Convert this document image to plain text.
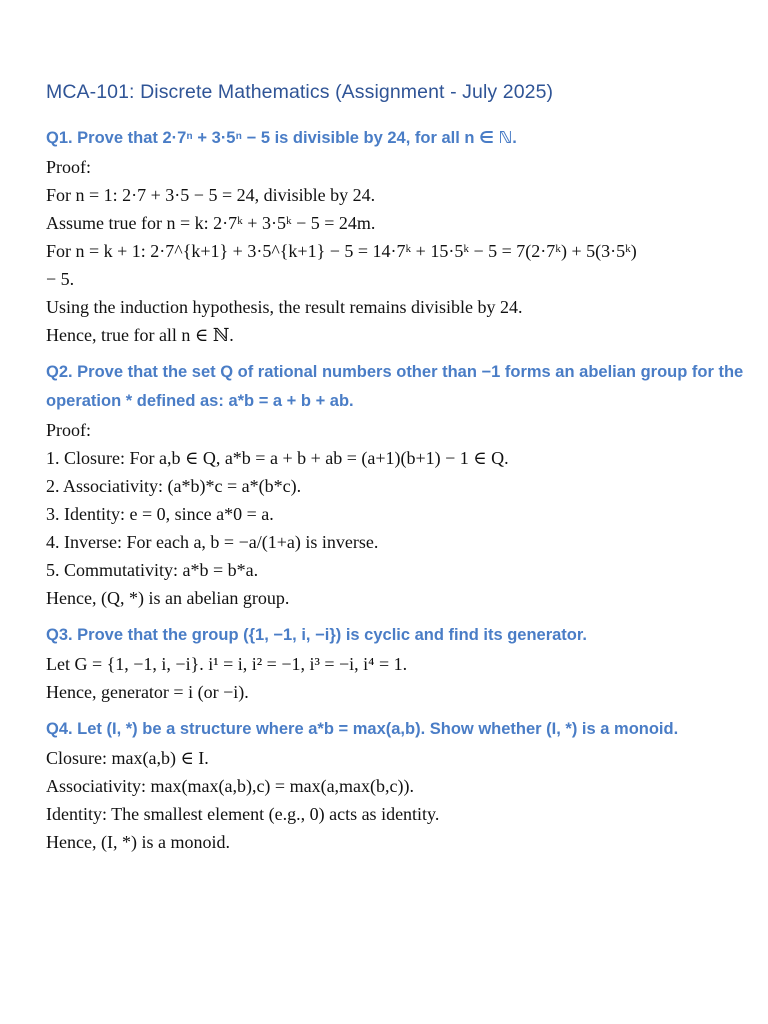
MCA-101: Discrete Mathematics (Assignment - July 2025)

Q1. Prove that 2·7ⁿ + 3·5ⁿ − 5 is divisible by 24, for all n ∈ ℕ.

Proof:

For n = 1: 2·7 + 3·5 − 5 = 24, divisible by 24.

Assume true for n = k: 2·7ᵏ + 3·5ᵏ − 5 = 24m.

For n = k + 1: 2·7^{k+1} + 3·5^{k+1} − 5 = 14·7ᵏ + 15·5ᵏ − 5 = 7(2·7ᵏ) + 5(3·5ᵏ)

− 5.

Using the induction hypothesis, the result remains divisible by 24.

Hence, true for all n ∈ ℕ.

Q2. Prove that the set Q of rational numbers other than −1 forms an abelian group for the operation * defined as: a*b = a + b + ab.

Proof:

1. Closure: For a,b ∈ Q, a*b = a + b + ab = (a+1)(b+1) − 1 ∈ Q.

2. Associativity: (a*b)*c = a*(b*c).

3. Identity: e = 0, since a*0 = a.

4. Inverse: For each a, b = −a/(1+a) is inverse.

5. Commutativity: a*b = b*a.

Hence, (Q, *) is an abelian group.

Q3. Prove that the group ({1, −1, i, −i}) is cyclic and find its generator.

Let G = {1, −1, i, −i}. i¹ = i, i² = −1, i³ = −i, i⁴ = 1.

Hence, generator = i (or −i).

Q4. Let (I, *) be a structure where a*b = max(a,b). Show whether (I, *) is a monoid.

Closure: max(a,b) ∈ I.

Associativity: max(max(a,b),c) = max(a,max(b,c)).

Identity: The smallest element (e.g., 0) acts as identity.

Hence, (I, *) is a monoid.
